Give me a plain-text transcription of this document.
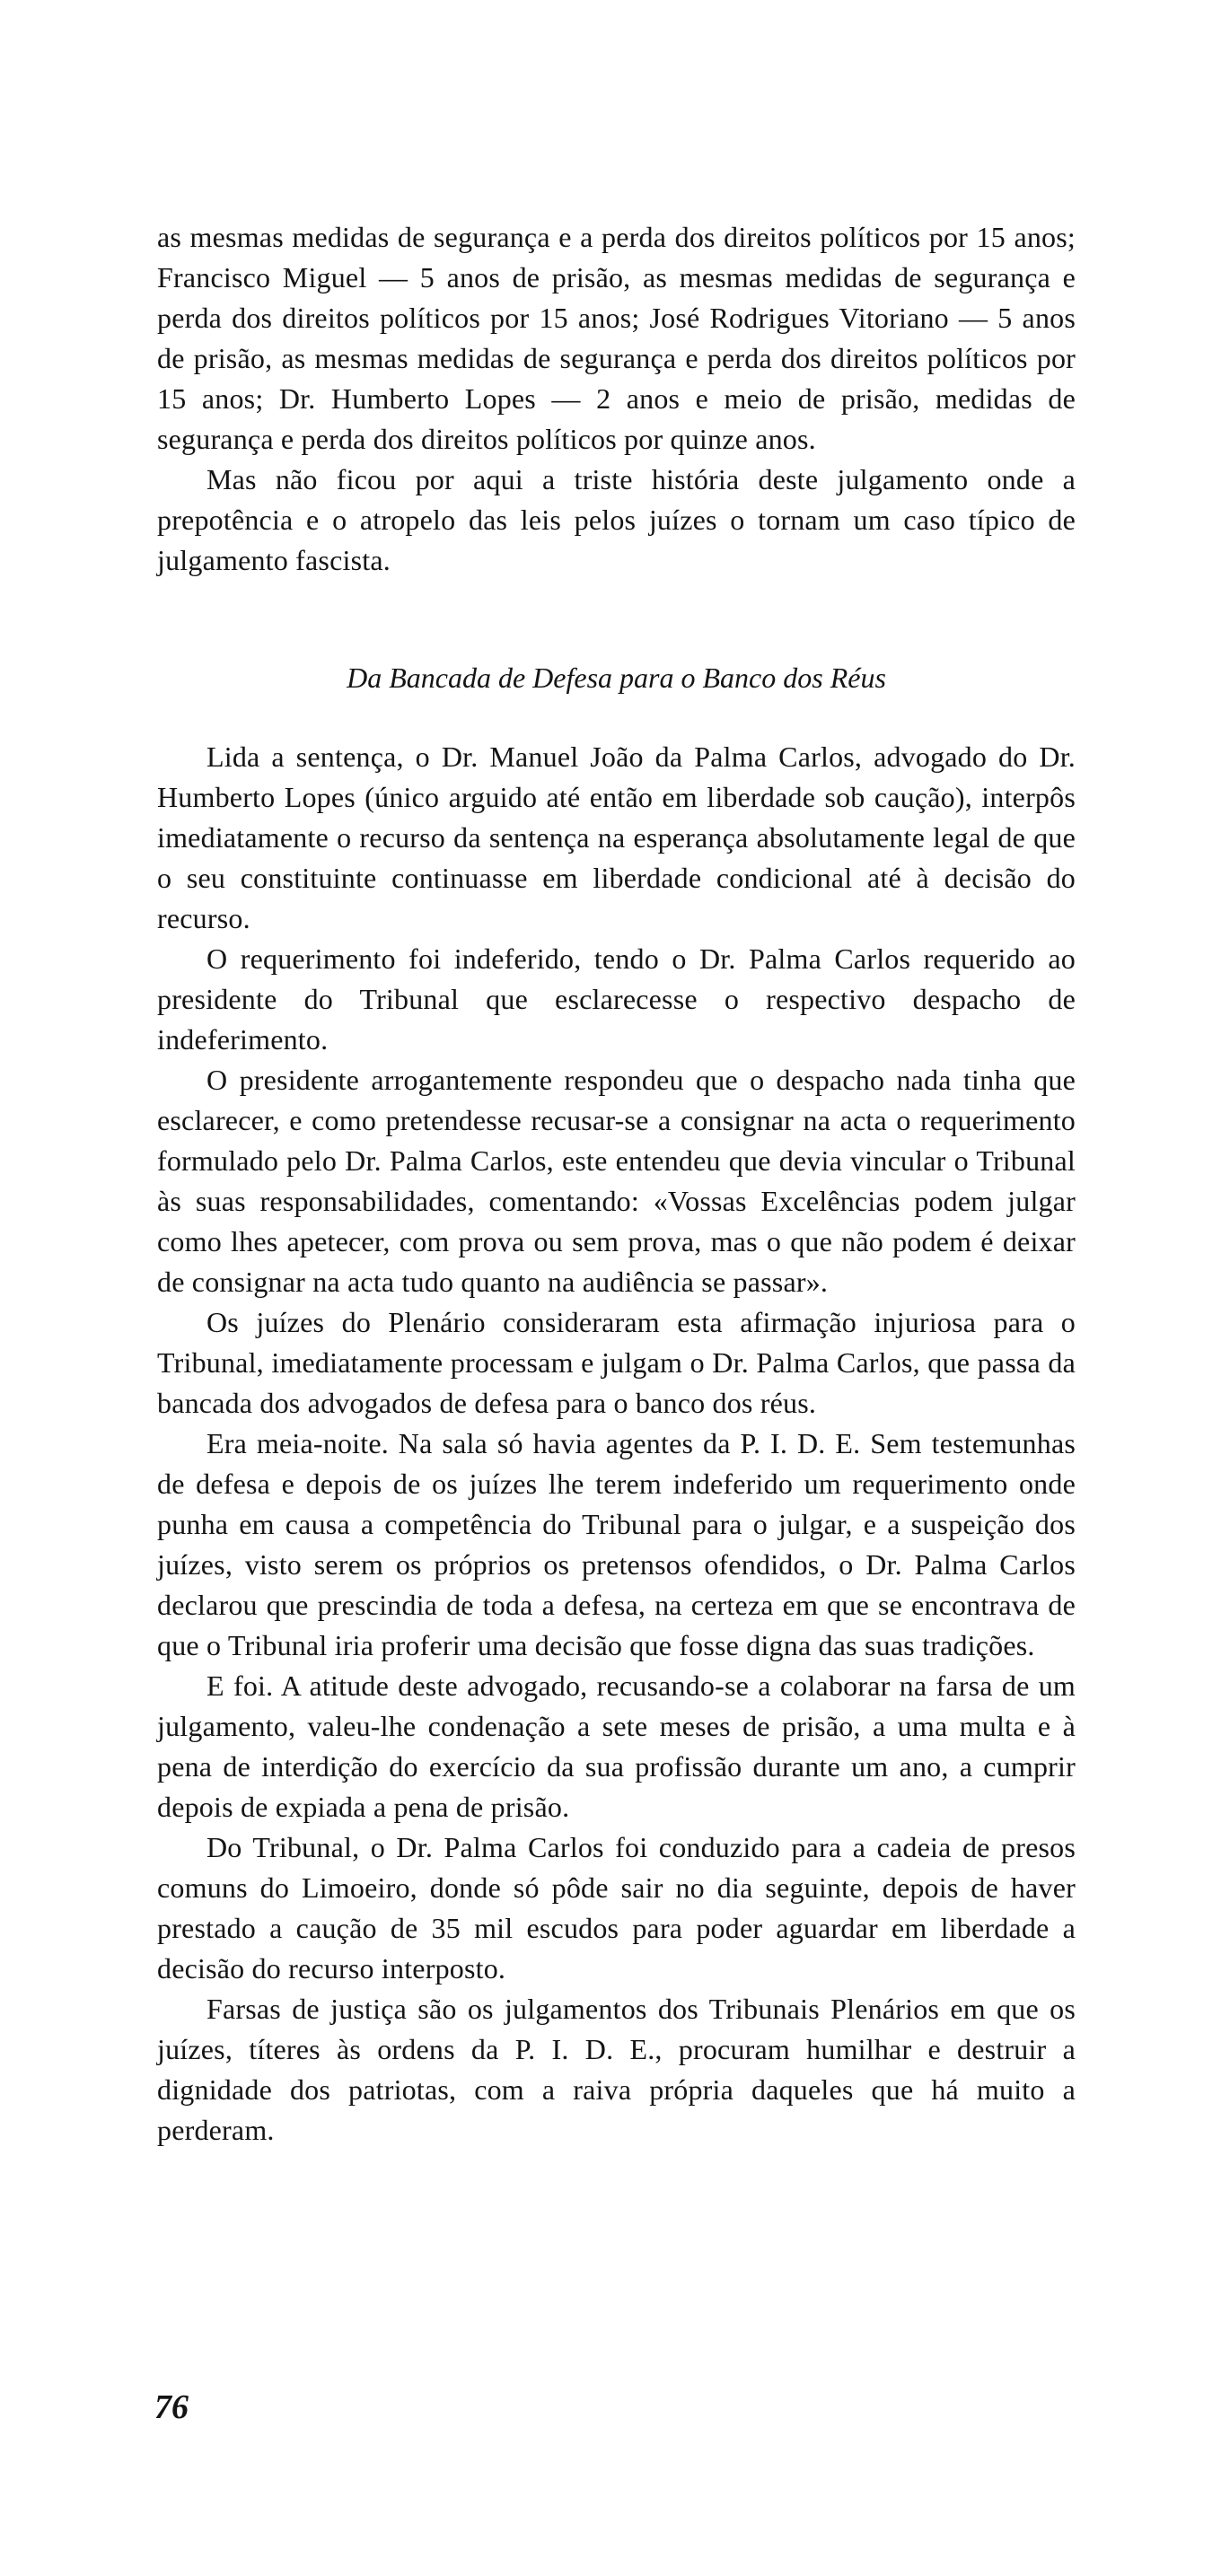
as mesmas medidas de segurança e a perda dos direitos políticos por 15 anos; Francisco Miguel — 5 anos de prisão, as mesmas medidas de segurança e perda dos direitos políticos por 15 anos; José Rodrigues Vitoriano — 5 anos de prisão, as mesmas medidas de segurança e perda dos direitos políticos por 15 anos; Dr. Humberto Lopes — 2 anos e meio de prisão, medidas de segurança e perda dos direitos políticos por quinze anos.

Mas não ficou por aqui a triste história deste julgamento onde a prepotência e o atropelo das leis pelos juízes o tornam um caso típico de julgamento fascista.

Da Bancada de Defesa para o Banco dos Réus

Lida a sentença, o Dr. Manuel João da Palma Carlos, advogado do Dr. Humberto Lopes (único arguido até então em liberdade sob caução), interpôs imediatamente o recurso da sentença na esperança absolutamente legal de que o seu constituinte continuasse em liberdade condicional até à decisão do recurso.

O requerimento foi indeferido, tendo o Dr. Palma Carlos requerido ao presidente do Tribunal que esclarecesse o respectivo despacho de indeferimento.

O presidente arrogantemente respondeu que o despacho nada tinha que esclarecer, e como pretendesse recusar-se a consignar na acta o requerimento formulado pelo Dr. Palma Carlos, este entendeu que devia vincular o Tribunal às suas responsabilidades, comentando: «Vossas Excelências podem julgar como lhes apetecer, com prova ou sem prova, mas o que não podem é deixar de consignar na acta tudo quanto na audiência se passar».

Os juízes do Plenário consideraram esta afirmação injuriosa para o Tribunal, imediatamente processam e julgam o Dr. Palma Carlos, que passa da bancada dos advogados de defesa para o banco dos réus.

Era meia-noite. Na sala só havia agentes da P. I. D. E. Sem testemunhas de defesa e depois de os juízes lhe terem indeferido um requerimento onde punha em causa a competência do Tribunal para o julgar, e a suspeição dos juízes, visto serem os próprios os pretensos ofendidos, o Dr. Palma Carlos declarou que prescindia de toda a defesa, na certeza em que se encontrava de que o Tribunal iria proferir uma decisão que fosse digna das suas tradições.

E foi. A atitude deste advogado, recusando-se a colaborar na farsa de um julgamento, valeu-lhe condenação a sete meses de prisão, a uma multa e à pena de interdição do exercício da sua profissão durante um ano, a cumprir depois de expiada a pena de prisão.

Do Tribunal, o Dr. Palma Carlos foi conduzido para a cadeia de presos comuns do Limoeiro, donde só pôde sair no dia seguinte, depois de haver prestado a caução de 35 mil escudos para poder aguardar em liberdade a decisão do recurso interposto.

Farsas de justiça são os julgamentos dos Tribunais Plenários em que os juízes, títeres às ordens da P. I. D. E., procuram humilhar e destruir a dignidade dos patriotas, com a raiva própria daqueles que há muito a perderam.

76
